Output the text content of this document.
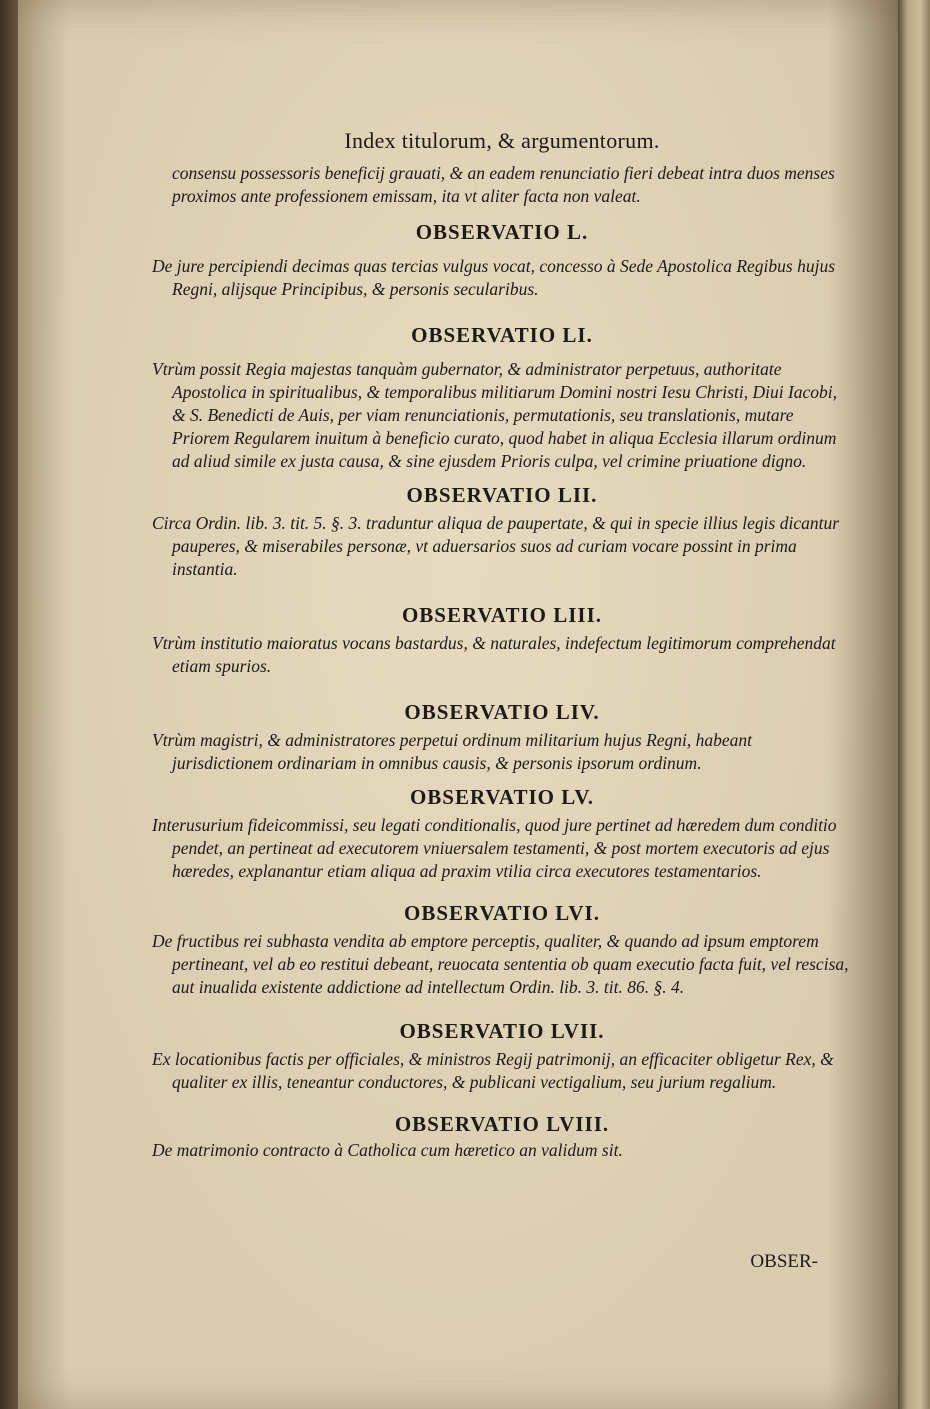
Index titulorum, & argumentorum.

consensu possessoris beneficij grauati, & an eadem renunciatio fieri debeat intra duos menses proximos ante professionem emissam, ita vt aliter facta non valeat.

OBSERVATIO L.

De jure percipiendi decimas quas tercias vulgus vocat, concesso à Sede Apostolica Regibus hujus Regni, alijsque Principibus, & personis secularibus.

OBSERVATIO LI.

Vtrùm possit Regia majestas tanquàm gubernator, & administrator perpetuus, authoritate Apostolica in spiritualibus, & temporalibus militiarum Domini nostri Iesu Christi, Diui Iacobi, & S. Benedicti de Auis, per viam renunciationis, permutationis, seu translationis, mutare Priorem Regularem inuitum à beneficio curato, quod habet in aliqua Ecclesia illarum ordinum ad aliud simile ex justa causa, & sine ejusdem Prioris culpa, vel crimine priuatione digno.

OBSERVATIO LII.

Circa Ordin. lib. 3. tit. 5. §. 3. traduntur aliqua de paupertate, & qui in specie illius legis dicantur pauperes, & miserabiles personæ, vt aduersarios suos ad curiam vocare possint in prima instantia.

OBSERVATIO LIII.

Vtrùm institutio maioratus vocans bastardus, & naturales, indefectum legitimorum comprehendat etiam spurios.

OBSERVATIO LIV.

Vtrùm magistri, & administratores perpetui ordinum militarium hujus Regni, habeant jurisdictionem ordinariam in omnibus causis, & personis ipsorum ordinum.

OBSERVATIO LV.

Interusurium fideicommissi, seu legati conditionalis, quod jure pertinet ad hæredem dum conditio pendet, an pertineat ad executorem vniuersalem testamenti, & post mortem executoris ad ejus hæredes, explanantur etiam aliqua ad praxim vtilia circa executores testamentarios.

OBSERVATIO LVI.

De fructibus rei subhasta vendita ab emptore perceptis, qualiter, & quando ad ipsum emptorem pertineant, vel ab eo restitui debeant, reuocata sententia ob quam executio facta fuit, vel rescisa, aut inualida existente addictione ad intellectum Ordin. lib. 3. tit. 86. §. 4.

OBSERVATIO LVII.

Ex locationibus factis per officiales, & ministros Regij patrimonij, an efficaciter obligetur Rex, & qualiter ex illis, teneantur conductores, & publicani vectigalium, seu jurium regalium.

OBSERVATIO LVIII.

De matrimonio contracto à Catholica cum hæretico an validum sit.

OBSER-
